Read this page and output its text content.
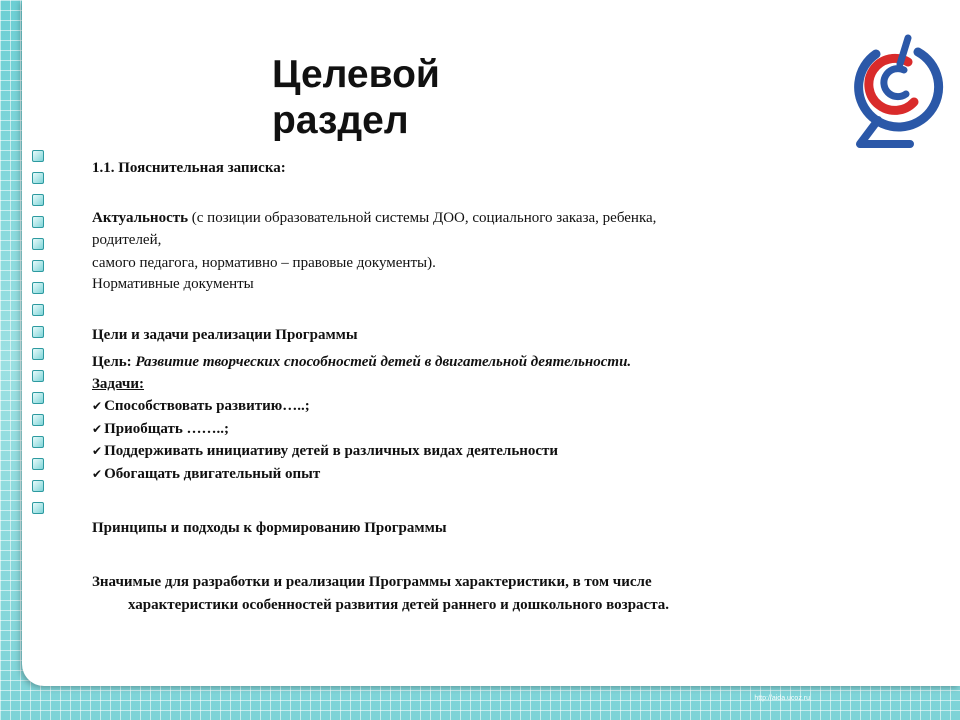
Целевой раздел
1.1. Пояснительная записка:
Актуальность (с позиции образовательной системы ДОО, социального заказа, ребенка,
родителей,
самого педагога, нормативно – правовые документы).
Нормативные документы
Цели и задачи реализации Программы
Цель: Развитие творческих способностей детей в двигательной деятельности.
Задачи:
✔ Способствовать развитию…..;
✔ Приобщать ……..;
✔ Поддерживать инициативу детей в различных видах деятельности
✔ Обогащать двигательный опыт
Принципы и подходы к формированию Программы
Значимые для разработки и реализации Программы характеристики, в том числе
характеристики особенностей развития детей раннего и дошкольного возраста.
http://aida.ucoz.ru
